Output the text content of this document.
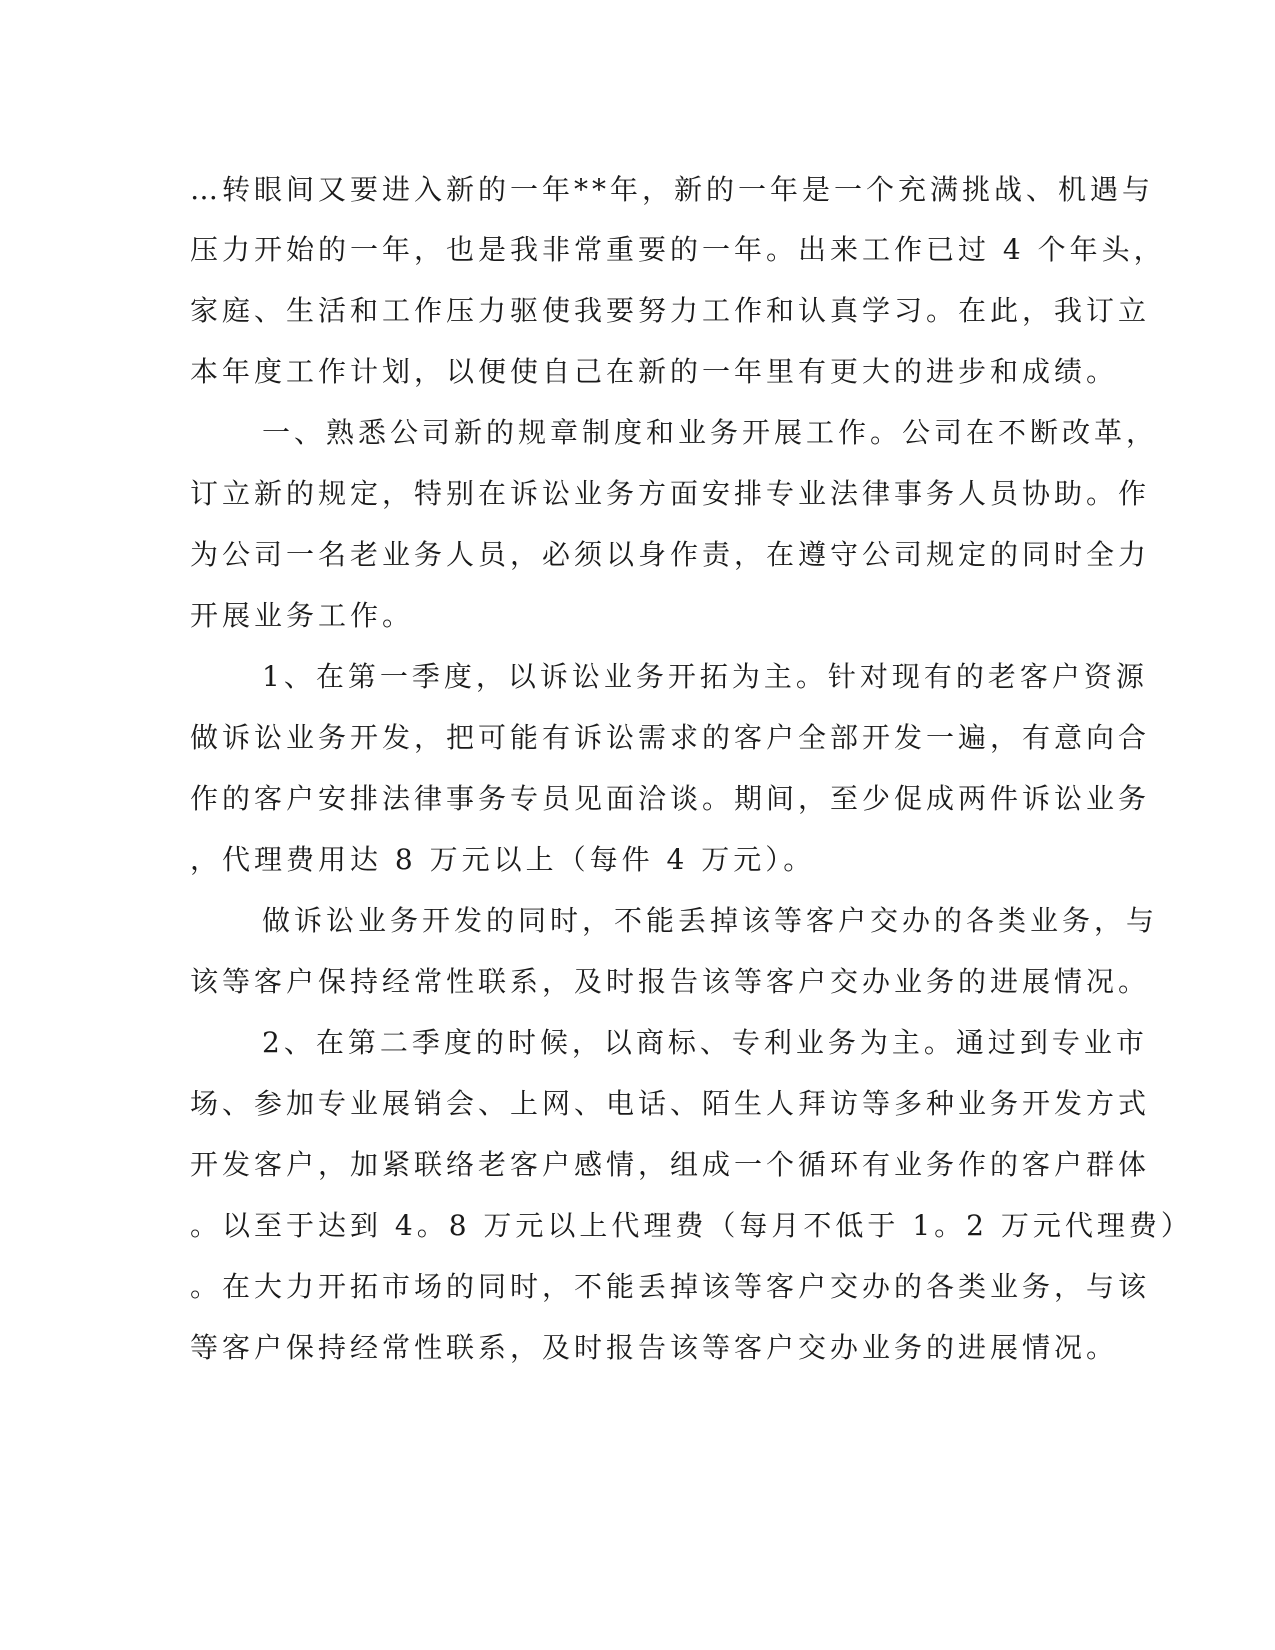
…转眼间又要进入新的一年**年，新的一年是一个充满挑战、机遇与
压力开始的一年，也是我非常重要的一年。出来工作已过 4 个年头，
家庭、生活和工作压力驱使我要努力工作和认真学习。在此，我订立
本年度工作计划，以便使自己在新的一年里有更大的进步和成绩。
一、熟悉公司新的规章制度和业务开展工作。公司在不断改革，
订立新的规定，特别在诉讼业务方面安排专业法律事务人员协助。作
为公司一名老业务人员，必须以身作责，在遵守公司规定的同时全力
开展业务工作。
1、在第一季度，以诉讼业务开拓为主。针对现有的老客户资源
做诉讼业务开发，把可能有诉讼需求的客户全部开发一遍，有意向合
作的客户安排法律事务专员见面洽谈。期间，至少促成两件诉讼业务
，代理费用达 8 万元以上（每件 4 万元）。
做诉讼业务开发的同时，不能丢掉该等客户交办的各类业务，与
该等客户保持经常性联系，及时报告该等客户交办业务的进展情况。
2、在第二季度的时候，以商标、专利业务为主。通过到专业市
场、参加专业展销会、上网、电话、陌生人拜访等多种业务开发方式
开发客户，加紧联络老客户感情，组成一个循环有业务作的客户群体
。以至于达到 4。8 万元以上代理费（每月不低于 1。2 万元代理费）
。在大力开拓市场的同时，不能丢掉该等客户交办的各类业务，与该
等客户保持经常性联系，及时报告该等客户交办业务的进展情况。
